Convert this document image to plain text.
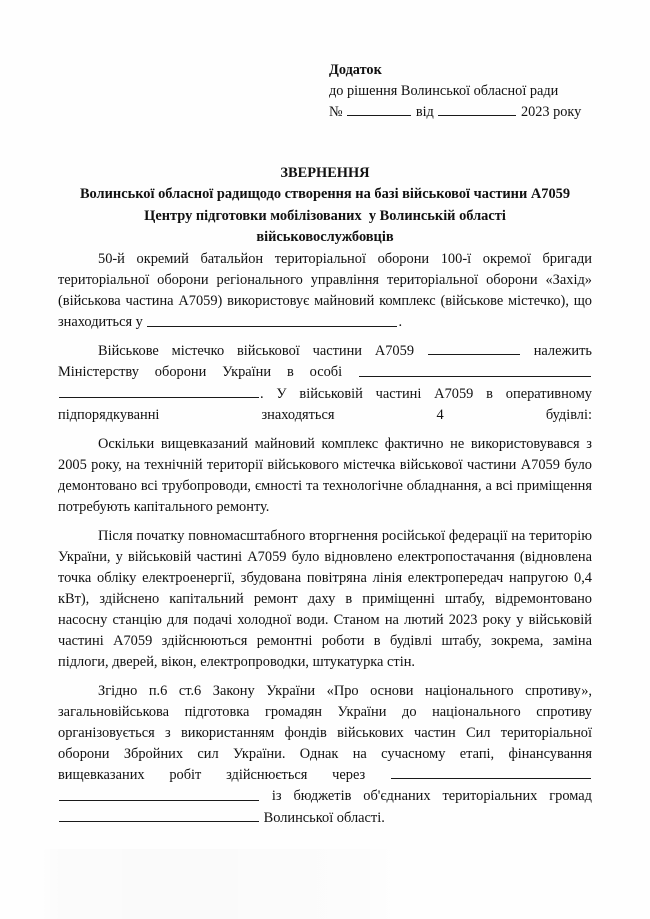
Додаток
до рішення Волинської обласної ради
№	від	2023 року
ЗВЕРНЕННЯ
Волинської обласної радищодо створення на базі військової частини А7059
Центру підготовки мобілізованих  у Волинській області
військовослужбовців

50-й окремий батальйон територіальної оборони 100-ї окремої бригади територіальної оборони регіонального управління територіальної оборони «Захід» (військова частина А7059) використовує майновий комплекс (військове містечко), що знаходиться у	.

Військове містечко військової частини А7059	належить Міністерству оборони України в особі  . У військовій частині А7059 в оперативному підпорядкуванні знаходяться 4 будівлі:

Оскільки вищевказаний майновий комплекс фактично не використовувався з 2005 року, на технічній території військового містечка військової частини А7059 було демонтовано всі трубопроводи, ємності та технологічне обладнання, а всі приміщення потребують капітального ремонту.

Після початку повномасштабного вторгнення російської федерації на територію України, у військовій частині А7059 було відновлено електропостачання (відновлена точка обліку електроенергії, збудована повітряна лінія електропередач напругою 0,4 кВт), здійснено капітальний ремонт даху в приміщенні штабу, відремонтовано насосну станцію для подачі холодної води. Станом на лютий 2023 року у військовій частині А7059 здійснюються ремонтні роботи в будівлі штабу, зокрема, заміна підлоги, дверей, вікон, електропроводки, штукатурка стін.

Згідно п.6 ст.6 Закону України «Про основи національного спротиву», загальновійськова підготовка громадян України до національного спротиву організовується з використанням фондів військових частин Сил територіальної оборони Збройних сил України. Однак на сучасному етапі, фінансування вищевказаних робіт здійснюється через   із бюджетів об'єднаних територіальних громад  Волинської області.
